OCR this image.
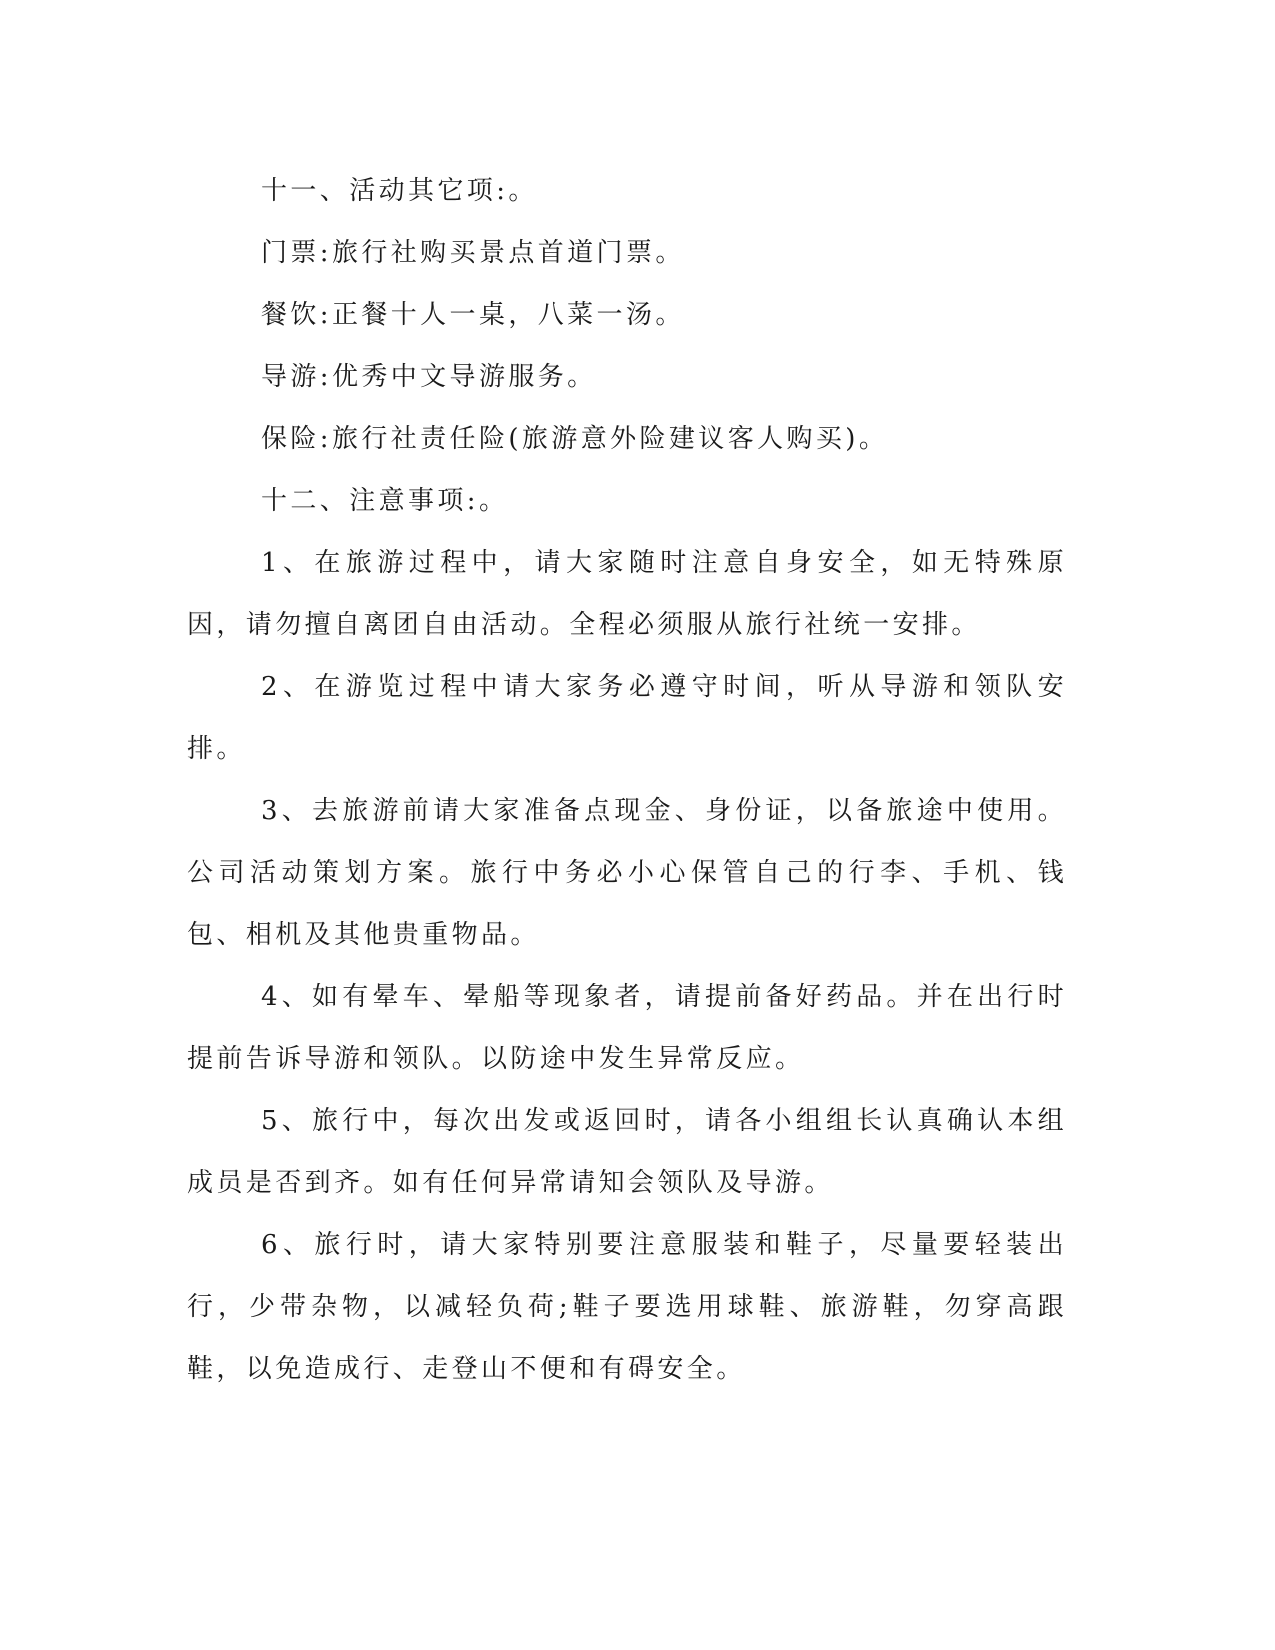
十一、活动其它项:。

门票:旅行社购买景点首道门票。

餐饮:正餐十人一桌，八菜一汤。

导游:优秀中文导游服务。

保险:旅行社责任险(旅游意外险建议客人购买)。

十二、注意事项:。

1、在旅游过程中，请大家随时注意自身安全，如无特殊原因，请勿擅自离团自由活动。全程必须服从旅行社统一安排。

2、在游览过程中请大家务必遵守时间，听从导游和领队安排。

3、去旅游前请大家准备点现金、身份证，以备旅途中使用。公司活动策划方案。旅行中务必小心保管自己的行李、手机、钱包、相机及其他贵重物品。

4、如有晕车、晕船等现象者，请提前备好药品。并在出行时提前告诉导游和领队。以防途中发生异常反应。

5、旅行中，每次出发或返回时，请各小组组长认真确认本组成员是否到齐。如有任何异常请知会领队及导游。

6、旅行时，请大家特别要注意服装和鞋子，尽量要轻装出行，少带杂物，以减轻负荷;鞋子要选用球鞋、旅游鞋，勿穿高跟鞋，以免造成行、走登山不便和有碍安全。
